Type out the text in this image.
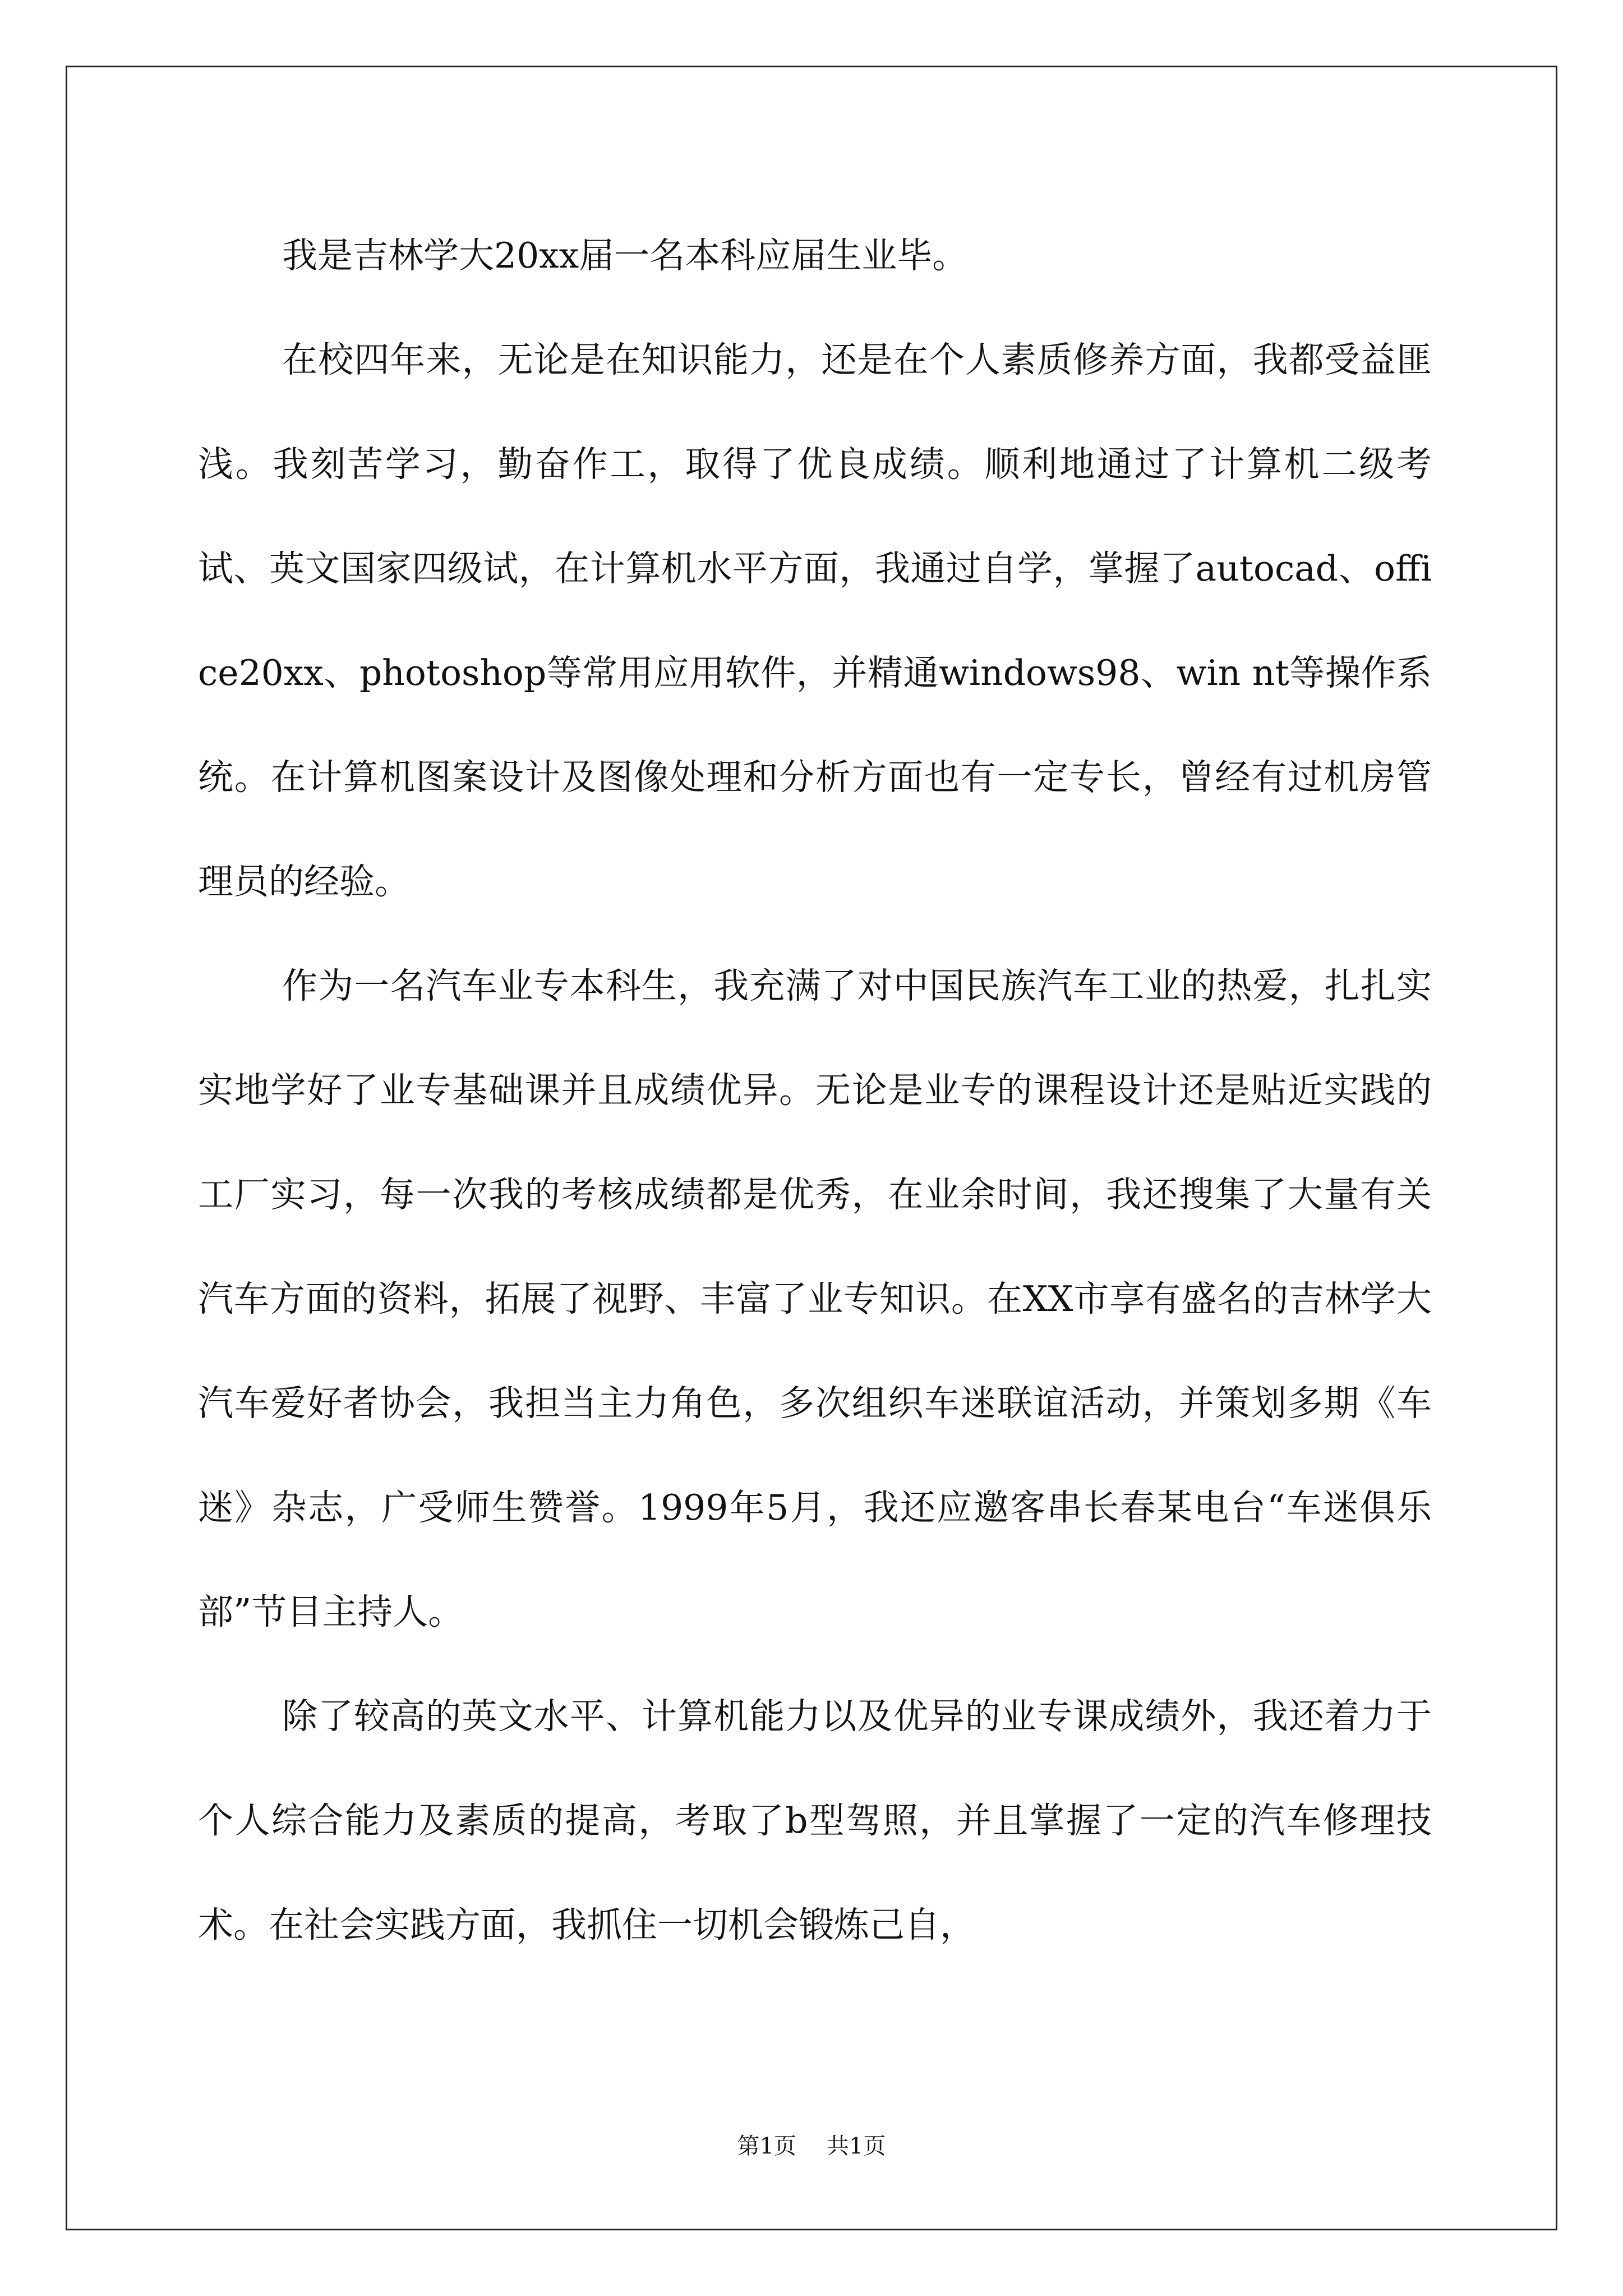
我是吉林学大20xx届一名本科应届生业毕。

在校四年来，无论是在知识能力，还是在个人素质修养方面，我都受益匪浅。我刻苦学习，勤奋作工，取得了优良成绩。顺利地通过了计算机二级考试、英文国家四级试，在计算机水平方面，我通过自学，掌握了autocad、office20xx、photoshop等常用应用软件，并精通windows98、win nt等操作系统。在计算机图案设计及图像处理和分析方面也有一定专长，曾经有过机房管理员的经验。

作为一名汽车业专本科生，我充满了对中国民族汽车工业的热爱，扎扎实实地学好了业专基础课并且成绩优异。无论是业专的课程设计还是贴近实践的工厂实习，每一次我的考核成绩都是优秀，在业余时间，我还搜集了大量有关汽车方面的资料，拓展了视野、丰富了业专知识。在XX市享有盛名的吉林学大汽车爱好者协会，我担当主力角色，多次组织车迷联谊活动，并策划多期《车迷》杂志，广受师生赞誉。1999年5月，我还应邀客串长春某电台“车迷俱乐部”节目主持人。

除了较高的英文水平、计算机能力以及优异的业专课成绩外，我还着力于个人综合能力及素质的提高，考取了b型驾照，并且掌握了一定的汽车修理技术。在社会实践方面，我抓住一切机会锻炼己自，

第1页 共1页
